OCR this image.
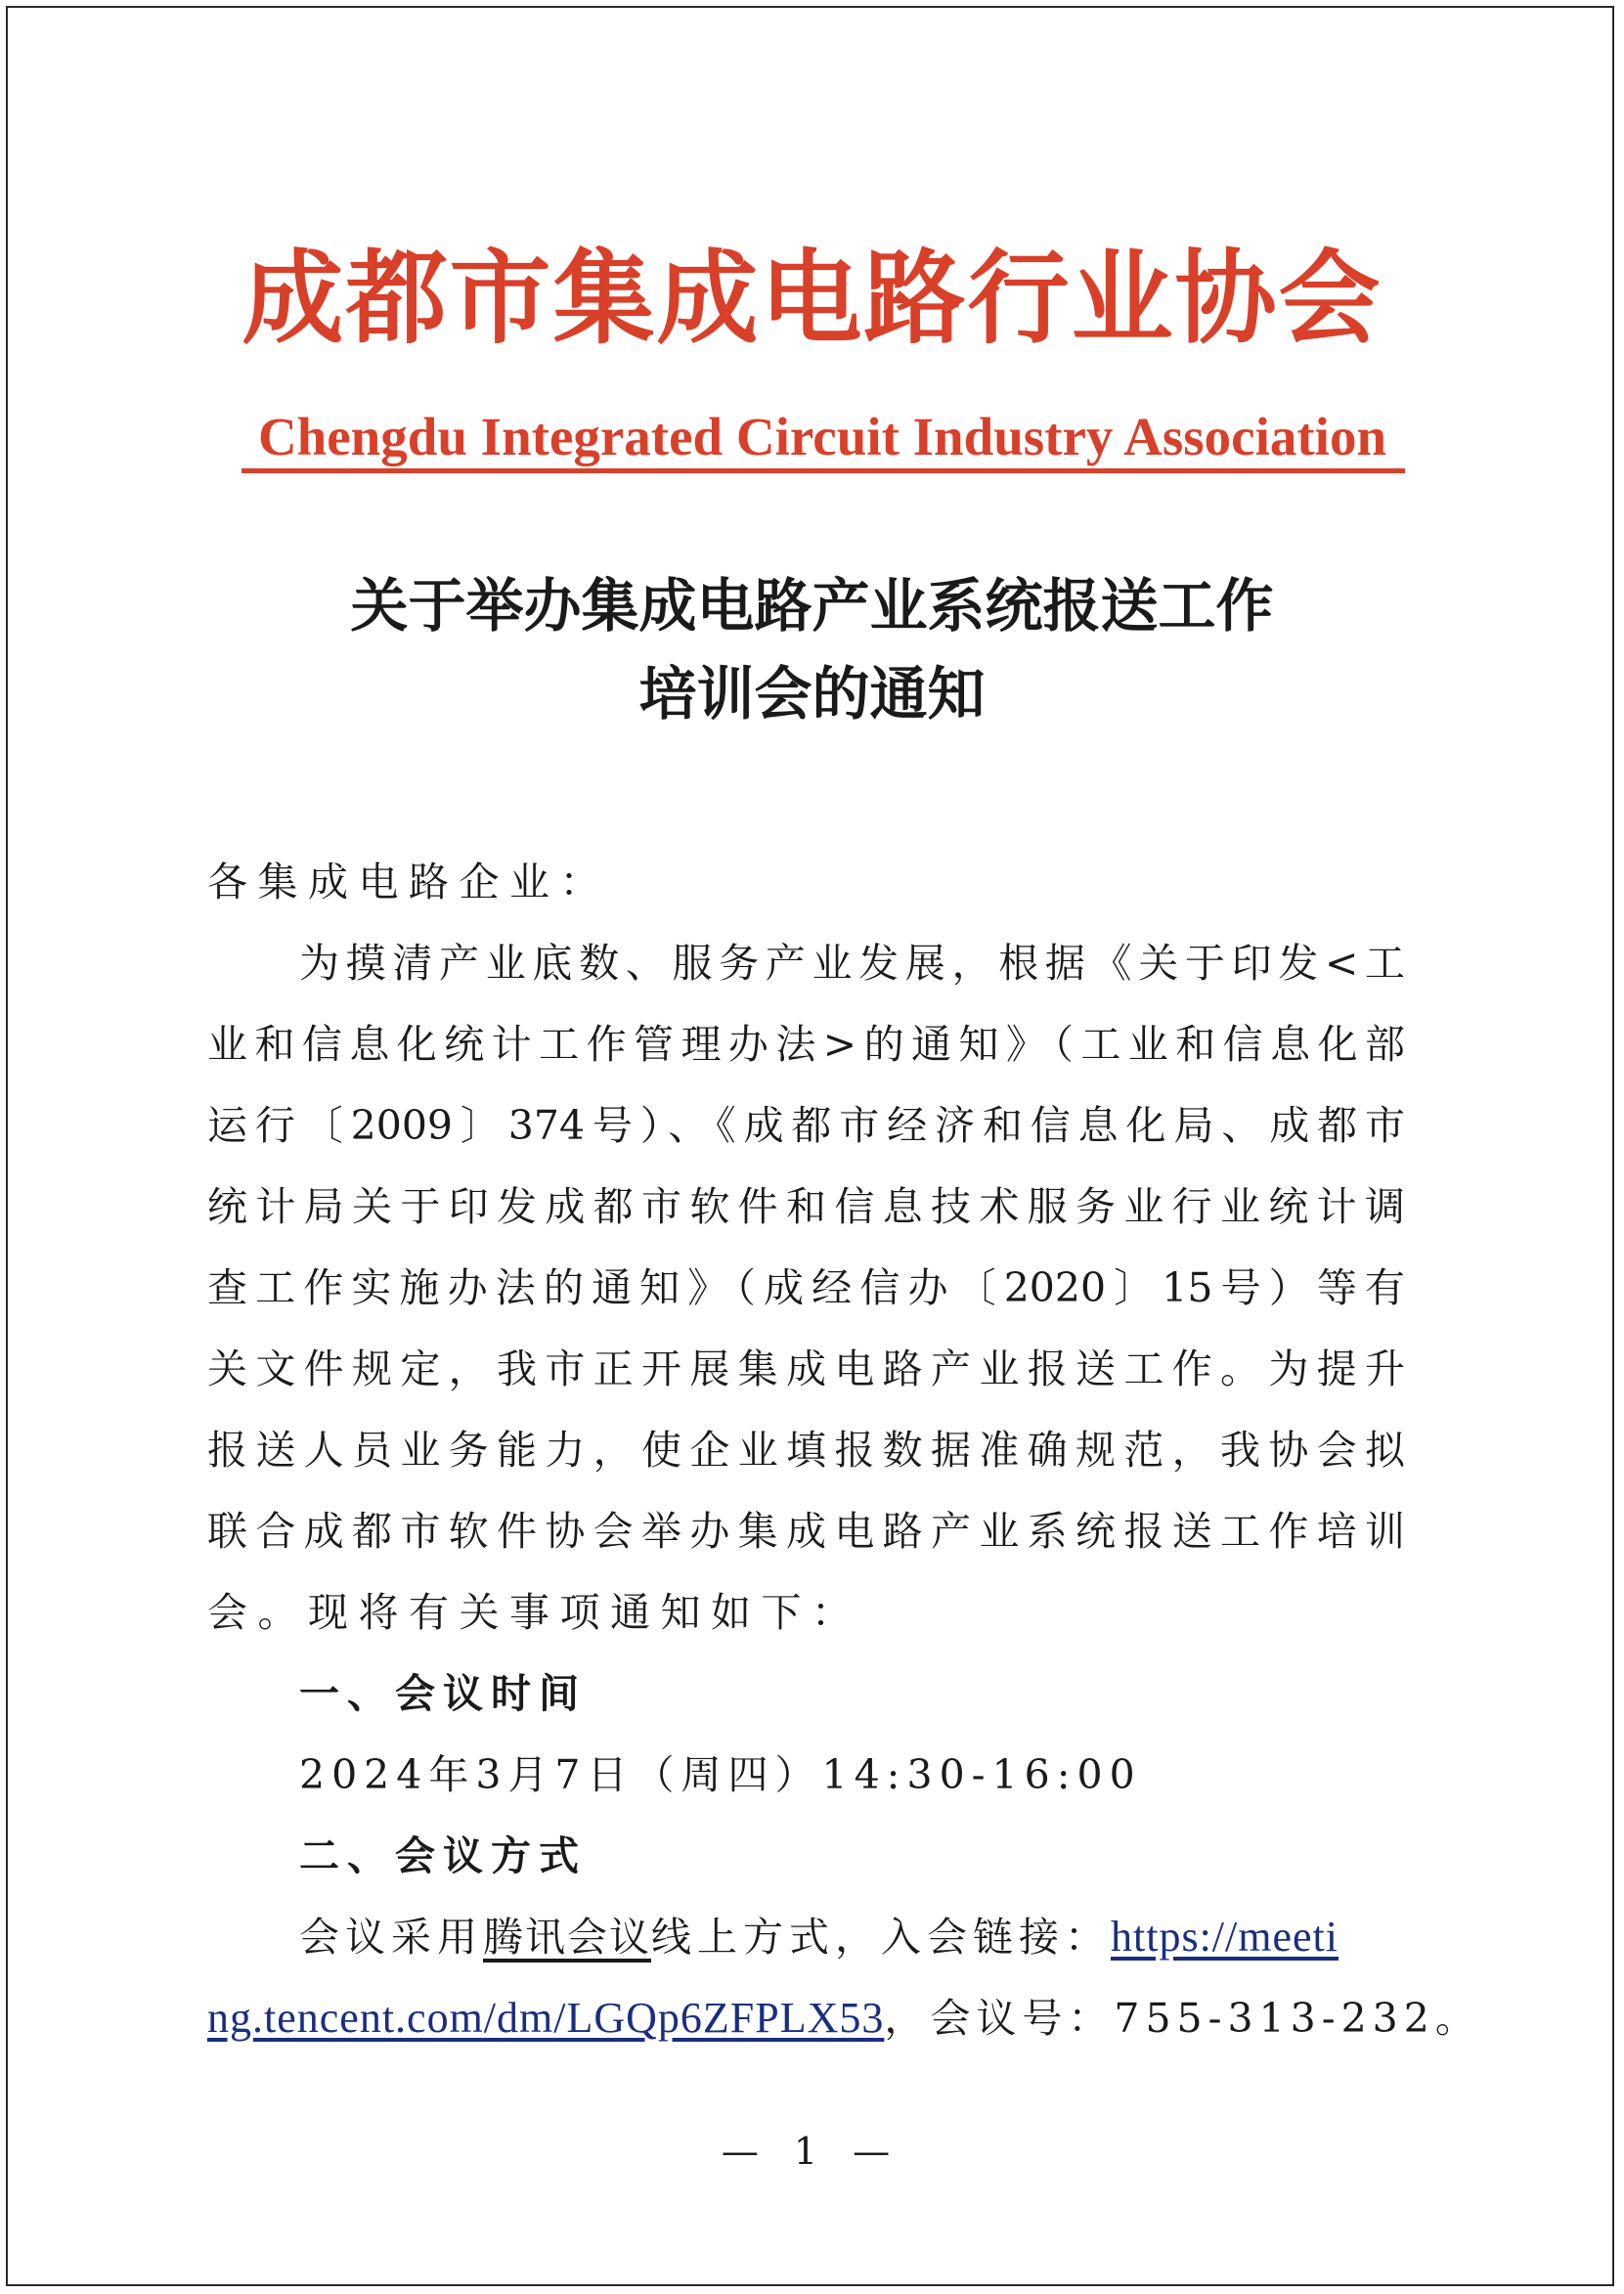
成都市集成电路行业协会
Chengdu Integrated Circuit Industry Association
关于举办集成电路产业系统报送工作
培训会的通知
各集成电路企业：
为摸清产业底数、服务产业发展，根据《关于印发<工
业和信息化统计工作管理办法>的通知》（工业和信息化部
运行〔2009〕374号）、《成都市经济和信息化局、成都市
统计局关于印发成都市软件和信息技术服务业行业统计调
查工作实施办法的通知》（成经信办〔2020〕15号）等有
关文件规定，我市正开展集成电路产业报送工作。为提升
报送人员业务能力，使企业填报数据准确规范，我协会拟
联合成都市软件协会举办集成电路产业系统报送工作培训
会。现将有关事项通知如下：
一、会议时间
2024年3月7日（周四）14:30-16:00
二、会议方式
会议采用腾讯会议线上方式，入会链接：https://meeti
ng.tencent.com/dm/LGQp6ZFPLX53，会议号：755-313-232。
— 1 —
